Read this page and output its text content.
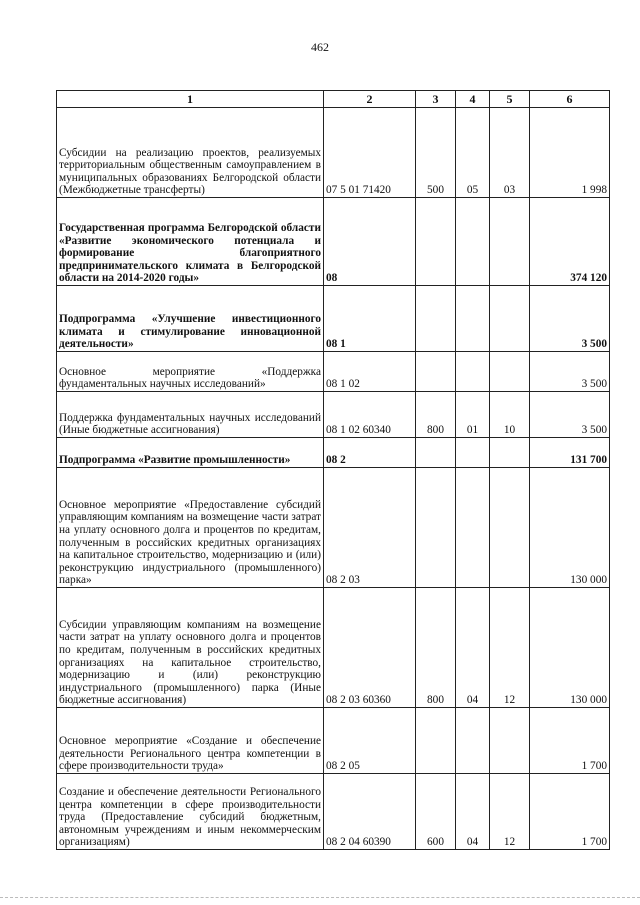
462
1	2	3	4	5	6

Субсидии на реализацию проектов, реализуемых территориальным общественным самоуправлением в муниципальных образованиях Белгородской области (Межбюджетные трансферты)	07 5 01 71420	500	05	03	1 998

Государственная программа Белгородской области «Развитие экономического потенциала и формирование благоприятного предпринимательского климата в Белгородской области на 2014-2020 годы»	08				374 120

Подпрограмма «Улучшение инвестиционного климата и стимулирование инновационной деятельности»	08 1				3 500

Основное мероприятие «Поддержка фундаментальных научных исследований»	08 1 02				3 500

Поддержка фундаментальных научных исследований (Иные бюджетные ассигнования)	08 1 02 60340	800	01	10	3 500

Подпрограмма «Развитие промышленности»	08 2				131 700

Основное мероприятие «Предоставление субсидий управляющим компаниям на возмещение части затрат на уплату основного долга и процентов по кредитам, полученным в российских кредитных организациях на капитальное строительство, модернизацию и (или) реконструкцию индустриального (промышленного) парка»	08 2 03				130 000

Субсидии управляющим компаниям на возмещение части затрат на уплату основного долга и процентов по кредитам, полученным в российских кредитных организациях на капитальное строительство, модернизацию и (или) реконструкцию индустриального (промышленного) парка (Иные бюджетные ассигнования)	08 2 03 60360	800	04	12	130 000

Основное мероприятие «Создание и обеспечение деятельности Регионального центра компетенции в сфере производительности труда»	08 2 05				1 700

Создание и обеспечение деятельности Регионального центра компетенции в сфере производительности труда (Предоставление субсидий бюджетным, автономным учреждениям и иным некоммерческим организациям)	08 2 04 60390	600	04	12	1 700
